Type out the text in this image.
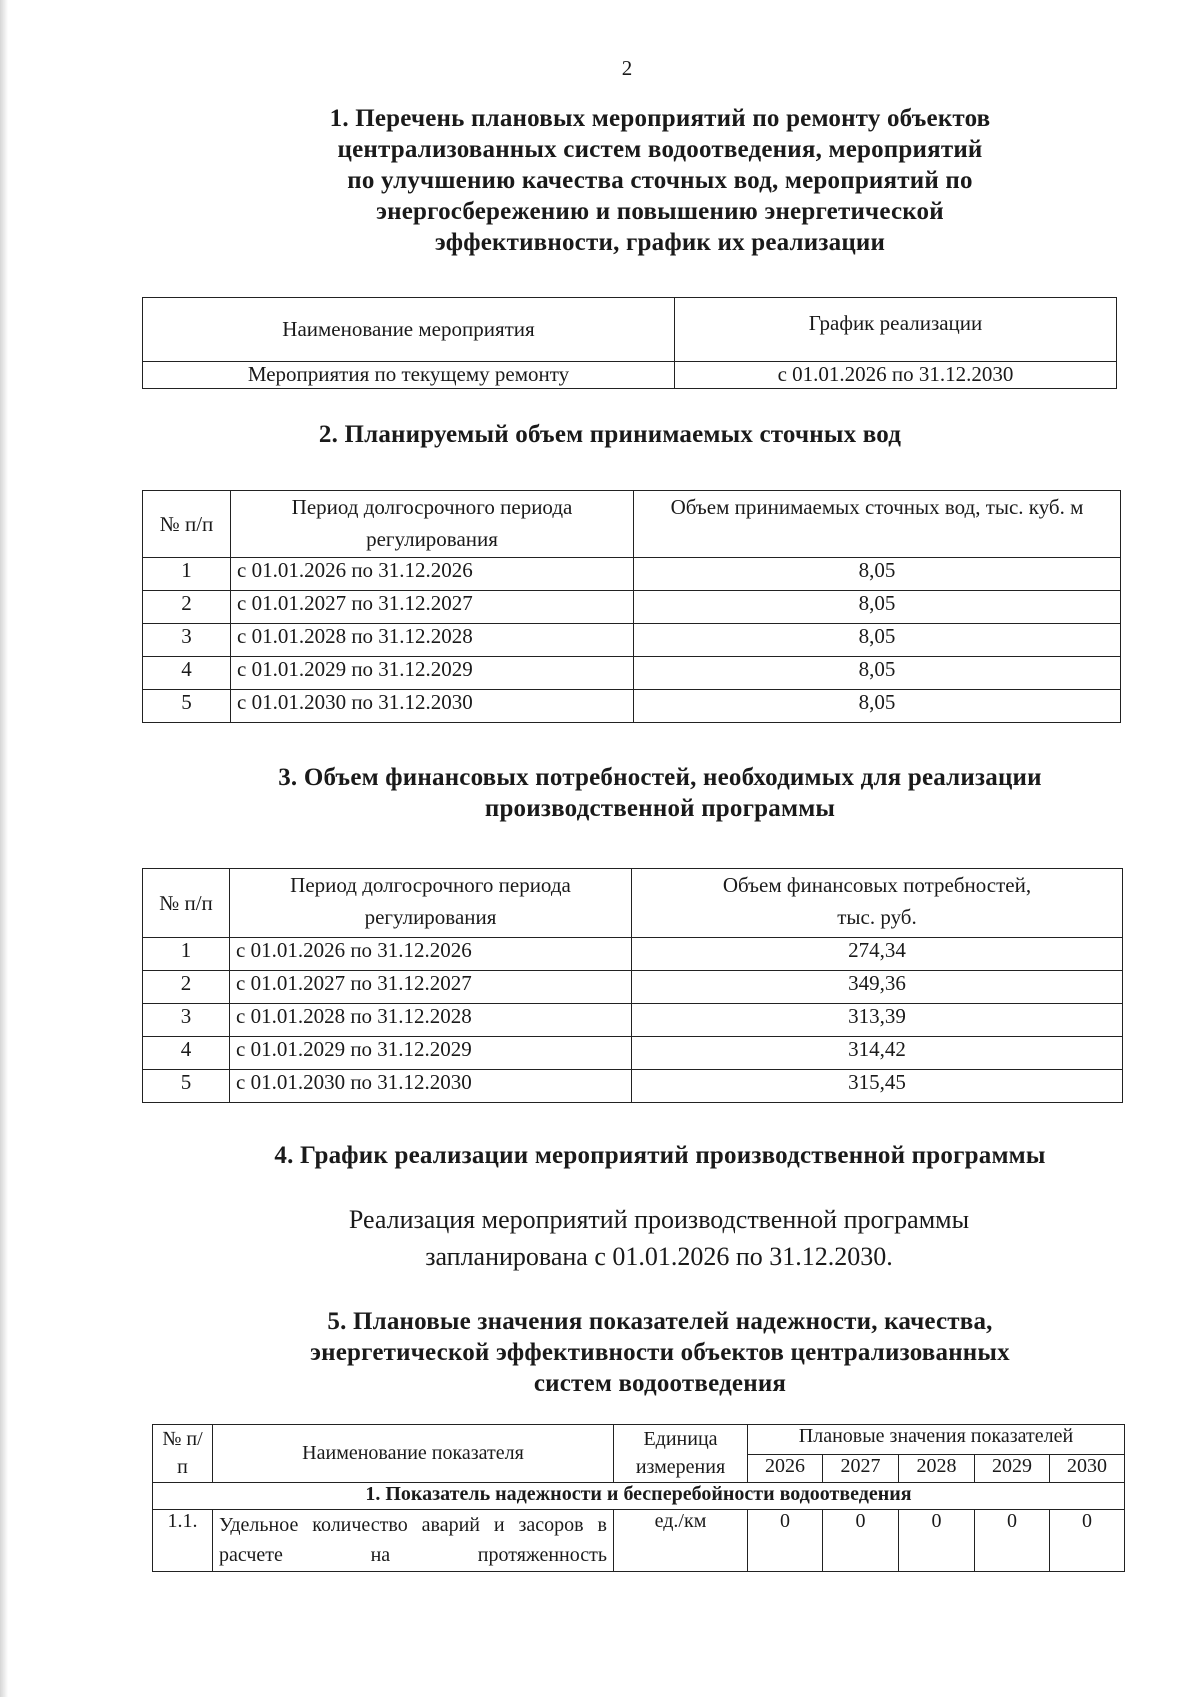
2
1. Перечень плановых мероприятий по ремонту объектов
централизованных систем водоотведения, мероприятий
по улучшению качества сточных вод, мероприятий по
энергосбережению и повышению энергетической
эффективности, график их реализации
Наименование мероприятия	График реализации
Мероприятия по текущему ремонту	с 01.01.2026 по 31.12.2030
2. Планируемый объем принимаемых сточных вод
№ п/п	Период долгосрочного периода регулирования	Объем принимаемых сточных вод, тыс. куб. м
1	с 01.01.2026 по 31.12.2026	8,05
2	с 01.01.2027 по 31.12.2027	8,05
3	с 01.01.2028 по 31.12.2028	8,05
4	с 01.01.2029 по 31.12.2029	8,05
5	с 01.01.2030 по 31.12.2030	8,05
3. Объем финансовых потребностей, необходимых для реализации
производственной программы
№ п/п	Период долгосрочного периода регулирования	Объем финансовых потребностей, тыс. руб.
1	с 01.01.2026 по 31.12.2026	274,34
2	с 01.01.2027 по 31.12.2027	349,36
3	с 01.01.2028 по 31.12.2028	313,39
4	с 01.01.2029 по 31.12.2029	314,42
5	с 01.01.2030 по 31.12.2030	315,45
4. График реализации мероприятий производственной программы
Реализация мероприятий производственной программы
запланирована с 01.01.2026 по 31.12.2030.
5. Плановые значения показателей надежности, качества,
энергетической эффективности объектов централизованных
систем водоотведения
№ п/п	Наименование показателя	Единица измерения	Плановые значения показателей				
			2026	2027	2028	2029	2030
1. Показатель надежности и бесперебойности водоотведения							
1.1.	Удельное количество аварий и засоров в расчете на протяженность	ед./км	0	0	0	0	0
